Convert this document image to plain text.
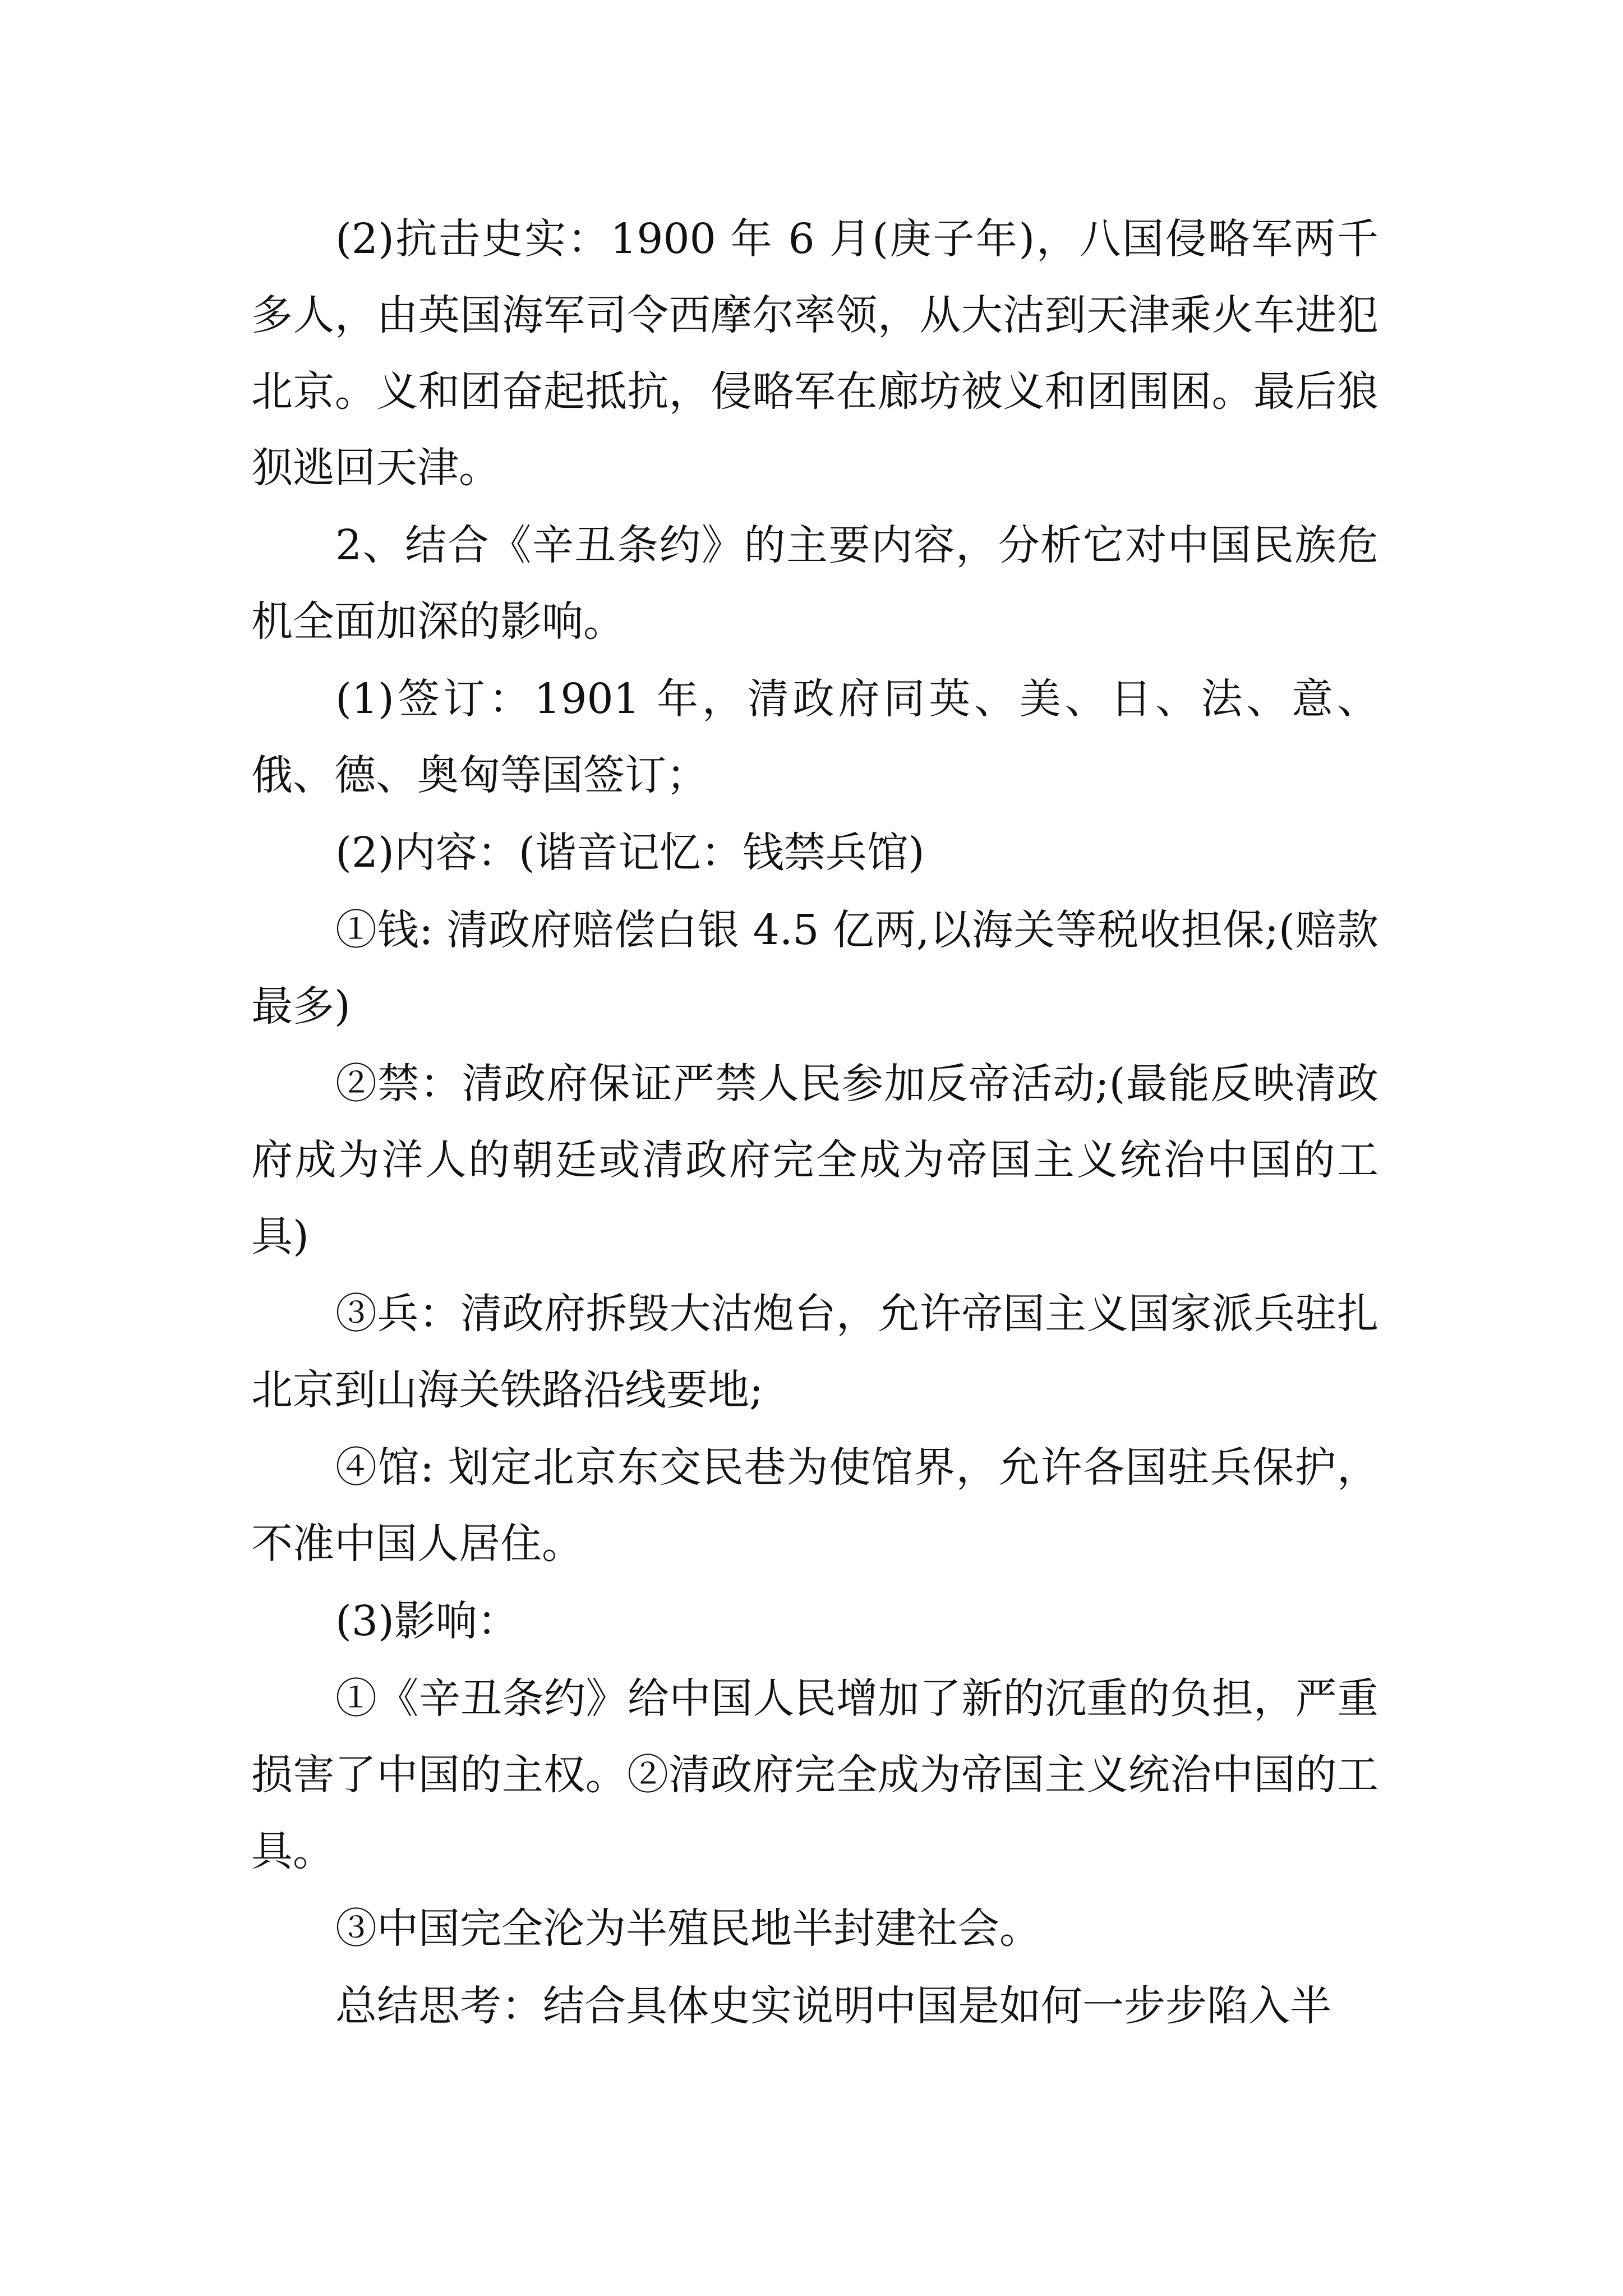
(2)抗击史实：1900 年 6 月(庚子年)，八国侵略军两千多人，由英国海军司令西摩尔率领，从大沽到天津乘火车进犯北京。义和团奋起抵抗，侵略军在廊坊被义和团围困。最后狼狈逃回天津。

2、结合《辛丑条约》的主要内容，分析它对中国民族危机全面加深的影响。

(1)签订：1901 年，清政府同英、美、日、法、意、俄、德、奥匈等国签订；

(2)内容：(谐音记忆：钱禁兵馆)

①钱: 清政府赔偿白银 4.5 亿两,以海关等税收担保;(赔款最多)

②禁：清政府保证严禁人民参加反帝活动;(最能反映清政府成为洋人的朝廷或清政府完全成为帝国主义统治中国的工具)

③兵：清政府拆毁大沽炮台，允许帝国主义国家派兵驻扎北京到山海关铁路沿线要地;

④馆: 划定北京东交民巷为使馆界，允许各国驻兵保护，不准中国人居住。

(3)影响：

①《辛丑条约》给中国人民增加了新的沉重的负担，严重损害了中国的主权。②清政府完全成为帝国主义统治中国的工具。

③中国完全沦为半殖民地半封建社会。

总结思考：结合具体史实说明中国是如何一步步陷入半
